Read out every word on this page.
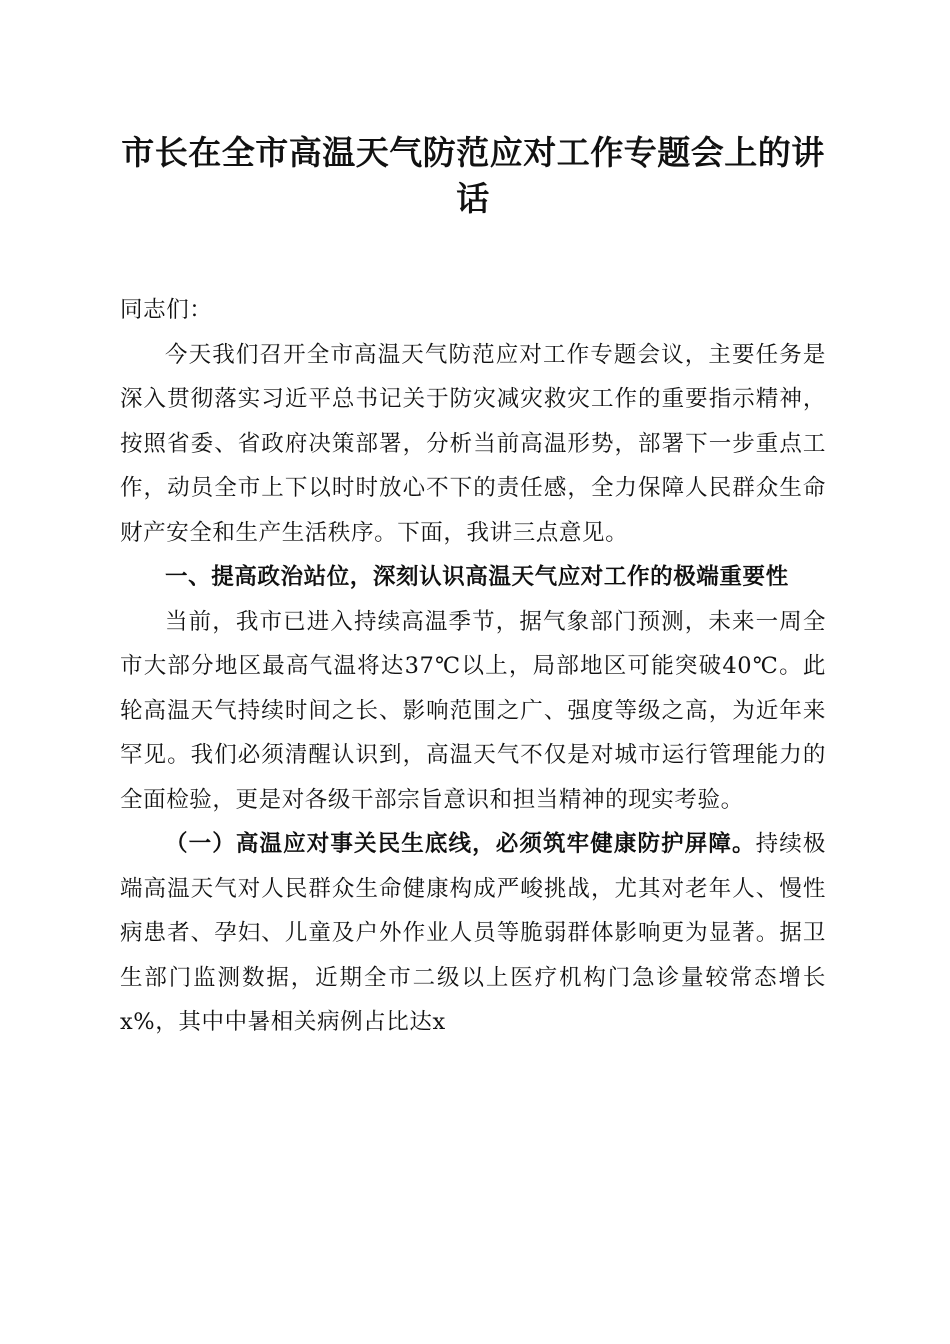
市长在全市高温天气防范应对工作专题会上的讲话

同志们：

今天我们召开全市高温天气防范应对工作专题会议，主要任务是深入贯彻落实习近平总书记关于防灾减灾救灾工作的重要指示精神，按照省委、省政府决策部署，分析当前高温形势，部署下一步重点工作，动员全市上下以时时放心不下的责任感，全力保障人民群众生命财产安全和生产生活秩序。下面，我讲三点意见。

一、提高政治站位，深刻认识高温天气应对工作的极端重要性

当前，我市已进入持续高温季节，据气象部门预测，未来一周全市大部分地区最高气温将达37℃以上，局部地区可能突破40℃。此轮高温天气持续时间之长、影响范围之广、强度等级之高，为近年来罕见。我们必须清醒认识到，高温天气不仅是对城市运行管理能力的全面检验，更是对各级干部宗旨意识和担当精神的现实考验。

（一）高温应对事关民生底线，必须筑牢健康防护屏障。持续极端高温天气对人民群众生命健康构成严峻挑战，尤其对老年人、慢性病患者、孕妇、儿童及户外作业人员等脆弱群体影响更为显著。据卫生部门监测数据，近期全市二级以上医疗机构门急诊量较常态增长x%，其中中暑相关病例占比达x
